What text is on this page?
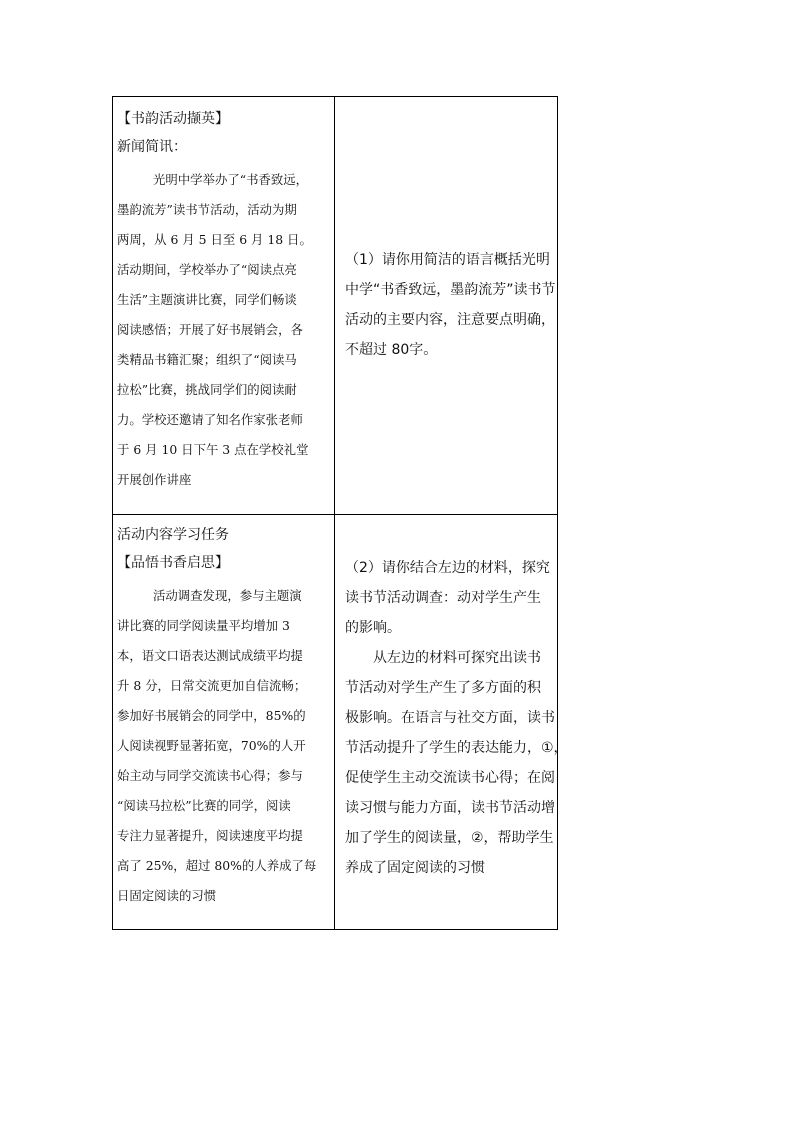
【书韵活动撷英】
新闻简讯：
光明中学举办了“书香致远，
墨韵流芳”读书节活动，活动为期
两周，从 6 月 5 日至 6 月 18 日。
活动期间，学校举办了“阅读点亮
生活”主题演讲比赛，同学们畅谈
阅读感悟；开展了好书展销会，各
类精品书籍汇聚；组织了“阅读马
拉松”比赛，挑战同学们的阅读耐
力。学校还邀请了知名作家张老师
于 6 月 10 日下午 3 点在学校礼堂
开展创作讲座
（1）请你用简洁的语言概括光明
中学“书香致远，墨韵流芳”读书节
活动的主要内容，注意要点明确，
不超过 80字。
活动内容学习任务
【品悟书香启思】
活动调查发现，参与主题演
讲比赛的同学阅读量平均增加 3
本，语文口语表达测试成绩平均提
升 8 分，日常交流更加自信流畅；
参加好书展销会的同学中，85%的
人阅读视野显著拓宽，70%的人开
始主动与同学交流读书心得；参与
“阅读马拉松”比赛的同学，阅读
专注力显著提升，阅读速度平均提
高了 25%，超过 80%的人养成了每
日固定阅读的习惯
（2）请你结合左边的材料，探究
读书节活动调查：动对学生产生
的影响。
从左边的材料可探究出读书
节活动对学生产生了多方面的积
极影响。在语言与社交方面，读书
节活动提升了学生的表达能力，①，
促使学生主动交流读书心得；在阅
读习惯与能力方面，读书节活动增
加了学生的阅读量，②，帮助学生
养成了固定阅读的习惯
